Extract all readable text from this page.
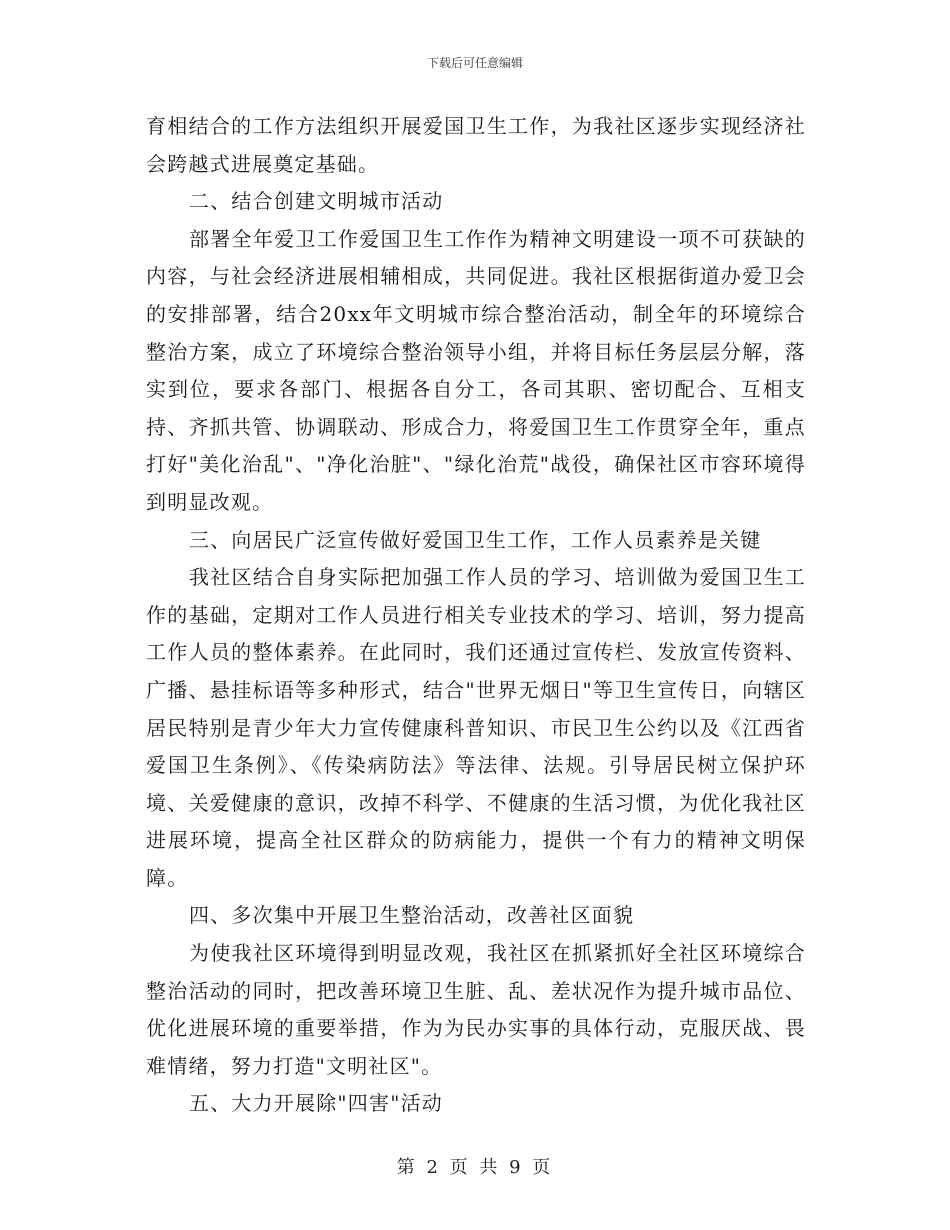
下载后可任意编辑

育相结合的工作方法组织开展爱国卫生工作，为我社区逐步实现经济社会跨越式进展奠定基础。

二、结合创建文明城市活动

部署全年爱卫工作爱国卫生工作作为精神文明建设一项不可获缺的内容，与社会经济进展相辅相成，共同促进。我社区根据街道办爱卫会的安排部署，结合20xx年文明城市综合整治活动，制全年的环境综合整治方案，成立了环境综合整治领导小组，并将目标任务层层分解，落实到位，要求各部门、根据各自分工，各司其职、密切配合、互相支持、齐抓共管、协调联动、形成合力，将爱国卫生工作贯穿全年，重点打好"美化治乱"、"净化治脏"、"绿化治荒"战役，确保社区市容环境得到明显改观。

三、向居民广泛宣传做好爱国卫生工作，工作人员素养是关键

我社区结合自身实际把加强工作人员的学习、培训做为爱国卫生工作的基础，定期对工作人员进行相关专业技术的学习、培训，努力提高工作人员的整体素养。在此同时，我们还通过宣传栏、发放宣传资料、广播、悬挂标语等多种形式，结合"世界无烟日"等卫生宣传日，向辖区居民特别是青少年大力宣传健康科普知识、市民卫生公约以及《江西省爱国卫生条例》、《传染病防法》等法律、法规。引导居民树立保护环境、关爱健康的意识，改掉不科学、不健康的生活习惯，为优化我社区进展环境，提高全社区群众的防病能力，提供一个有力的精神文明保障。

四、多次集中开展卫生整治活动，改善社区面貌

为使我社区环境得到明显改观，我社区在抓紧抓好全社区环境综合整治活动的同时，把改善环境卫生脏、乱、差状况作为提升城市品位、优化进展环境的重要举措，作为为民办实事的具体行动，克服厌战、畏难情绪，努力打造"文明社区"。

五、大力开展除"四害"活动

第 2 页 共 9 页
